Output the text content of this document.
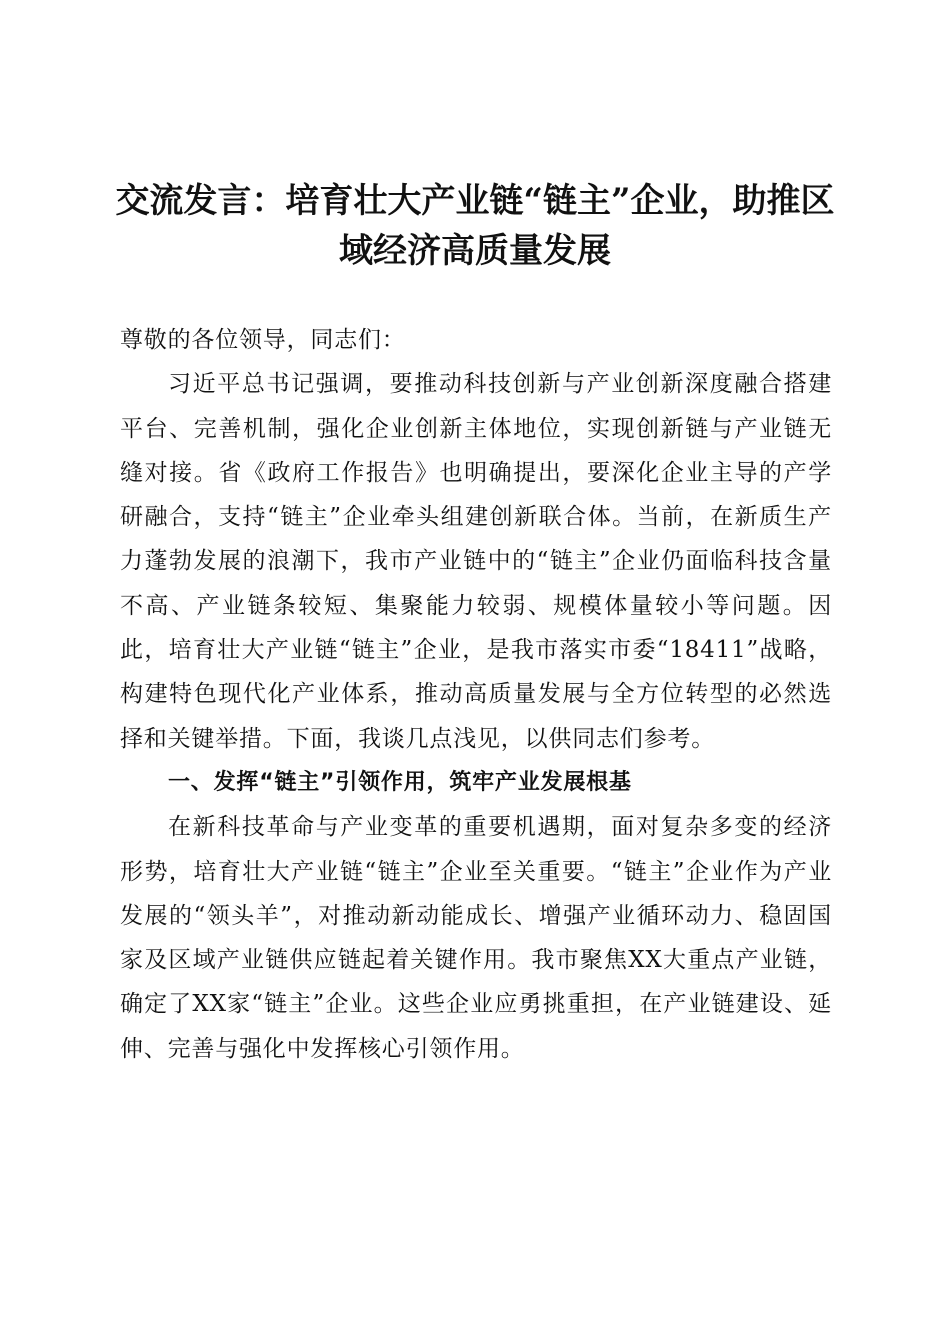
交流发言：培育壮大产业链“链主”企业，助推区域经济高质量发展

尊敬的各位领导，同志们：

习近平总书记强调，要推动科技创新与产业创新深度融合搭建平台、完善机制，强化企业创新主体地位，实现创新链与产业链无缝对接。省《政府工作报告》也明确提出，要深化企业主导的产学研融合，支持“链主”企业牵头组建创新联合体。当前，在新质生产力蓬勃发展的浪潮下，我市产业链中的“链主”企业仍面临科技含量不高、产业链条较短、集聚能力较弱、规模体量较小等问题。因此，培育壮大产业链“链主”企业，是我市落实市委“18411”战略，构建特色现代化产业体系，推动高质量发展与全方位转型的必然选择和关键举措。下面，我谈几点浅见，以供同志们参考。

一、发挥“链主”引领作用，筑牢产业发展根基

在新科技革命与产业变革的重要机遇期，面对复杂多变的经济形势，培育壮大产业链“链主”企业至关重要。“链主”企业作为产业发展的“领头羊”，对推动新动能成长、增强产业循环动力、稳固国家及区域产业链供应链起着关键作用。我市聚焦XX大重点产业链，确定了XX家“链主”企业。这些企业应勇挑重担，在产业链建设、延伸、完善与强化中发挥核心引领作用。
